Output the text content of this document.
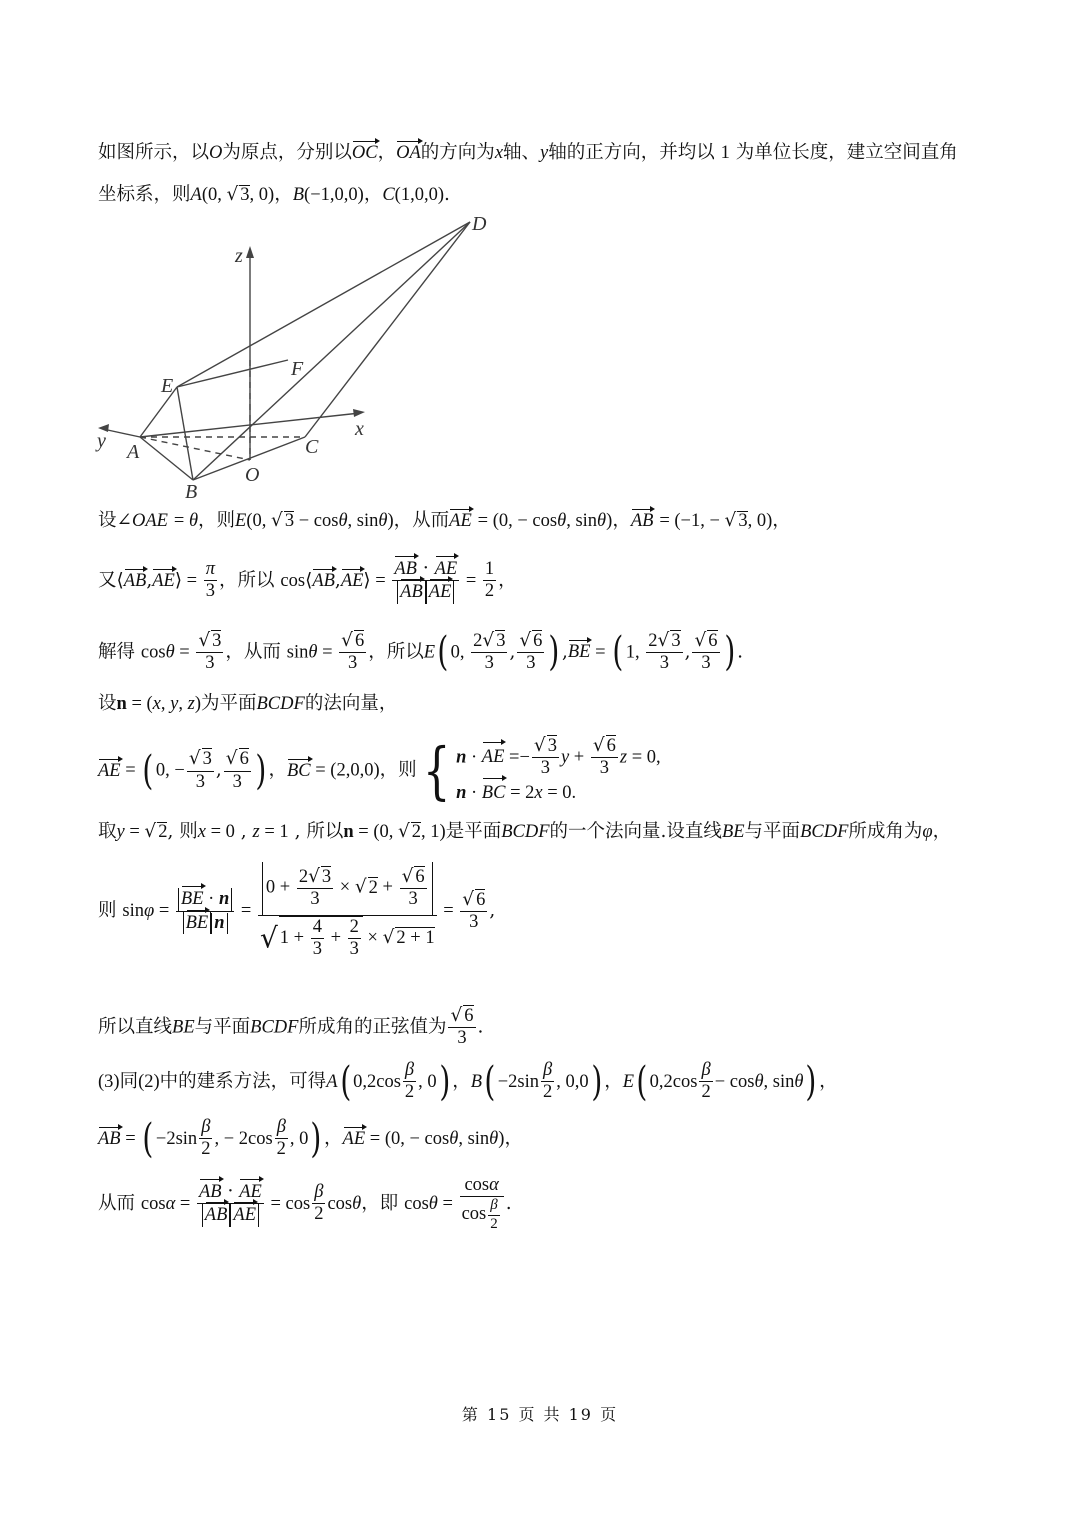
如图所示，以O为原点，分别以OC，OA的方向为x轴、y轴的正方向，并均以 1 为单位长度，建立空间直角
坐标系，则A(0, √ 3, 0)，B(−1,0,0)，C(1,0,0).
z
x
y A
B
C
D
E
F
O
设∠OAE = θ，则E(0, √ 3 − cosθ, sinθ)，从而AE = (0, − cosθ, sinθ)，AB = (−1, − √ 3, 0)，
又⟨AB,AE⟩ = $\frac{\pi}{3}$ ，所以 cos⟨AB,AE⟩ = $\frac{AB \cdot AE}{\text{AB AE}} = \frac{1}{2}$ ，
解得 $\cos\theta = \frac{√ 3}{3}$ ，从而 $\sin\theta = \frac{√ 6}{3}$ ，所以E( 0, $\frac{2√ 3}{3}$ , $\frac{√ 6}{3}$ ) ,BE = ( 1, $\frac{2√ 3}{3}$ , $\frac{√ 6}{3}$ ) .
设n = (x, y, z)为平面BCDF的法向量，
AE = ( 0, − $\frac{√ 3}{3}$ , $\frac{√ 6}{3}$ ) ，BC = (2,0,0)，则{ n · AE =− $\frac{√ 3}{3}$ $y + \frac{√ 6}{3}$ z = 0,
n · BC = 2x = 0.
取y = √ 2, 则x = 0 , z = 1 , 所以n = (0, √ 2, 1)是平面BCDF的一个法向量.设直线BE与平面BCDF所成角为φ，
则 $\sin\varphi = \frac{BE \cdot n}{\text{BE n}} = \frac{0 + \frac{2√ 3}{3} \times √ 2 + \frac{√ 6}{3}}{√ 1 + \frac{4}{3} + \frac{2}{3} \times √ 2 + 1} = \frac{√ 6}{3}$ ,
所以直线BE与平面BCDF所成角的正弦值为 $\frac{√ 6}{3}$ .
(3)同(2)中的建系方法，可得A( $0,2\cos \frac{\beta}{2}$ , 0) ，$B( -2\sin \frac{\beta}{2}$ , 0,0) ，E( $0,2\cos \frac{\beta}{2} - \cos\theta$, sinθ) ，
AB = ( $-2\sin \frac{\beta}{2}$ , − $2\cos \frac{\beta}{2}$ , 0) ，AE = (0, − cosθ, sinθ)，
从而 $\cos\alpha = \frac{AB \cdot AE}{\text{AB AE}} = \cos \frac{\beta}{2}$ cosθ，即 $\cos\theta = \frac{\cos\alpha}{\cos \frac{\beta}{2}}$ .
第 15 页 共 19 页
